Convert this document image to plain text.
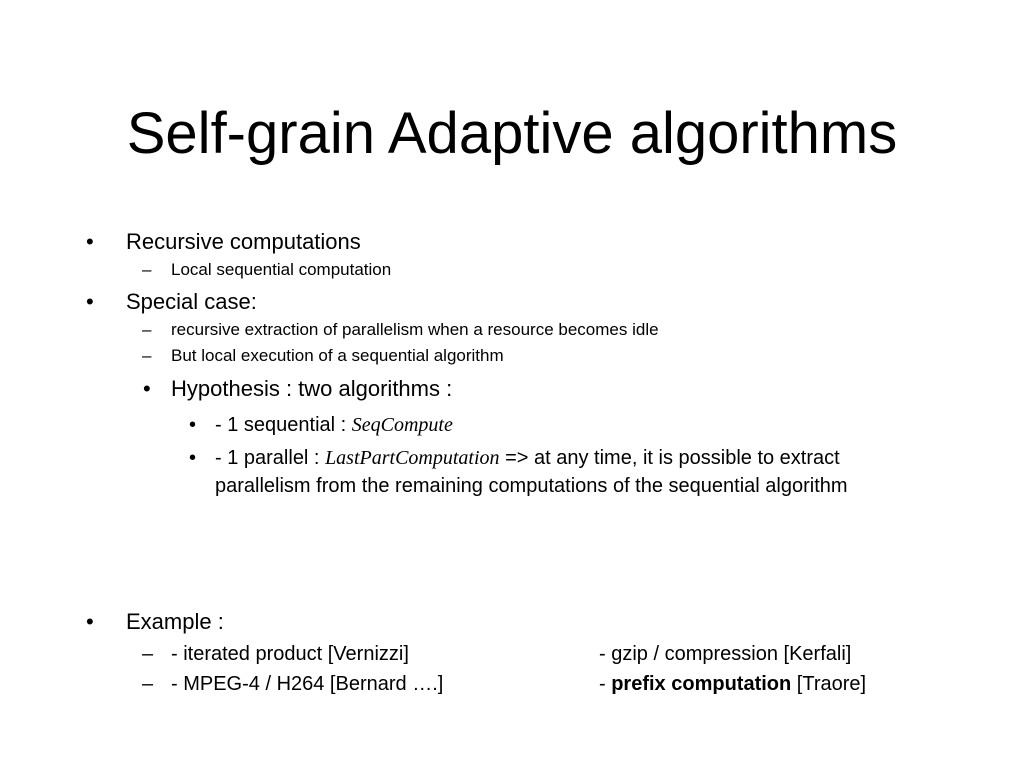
Self-grain Adaptive algorithms
• Recursive computations
– Local sequential computation
• Special case:
– recursive extraction of parallelism when a resource becomes idle
– But local execution of a sequential algorithm
• Hypothesis : two algorithms :
• - 1 sequential : SeqCompute
• - 1 parallel : LastPartComputation => at any time, it is possible to extract parallelism from the remaining computations of the sequential algorithm
• Example :
– - iterated product [Vernizzi]	- gzip / compression [Kerfali]
– - MPEG-4 / H264 [Bernard ….]	- prefix computation [Traore]
